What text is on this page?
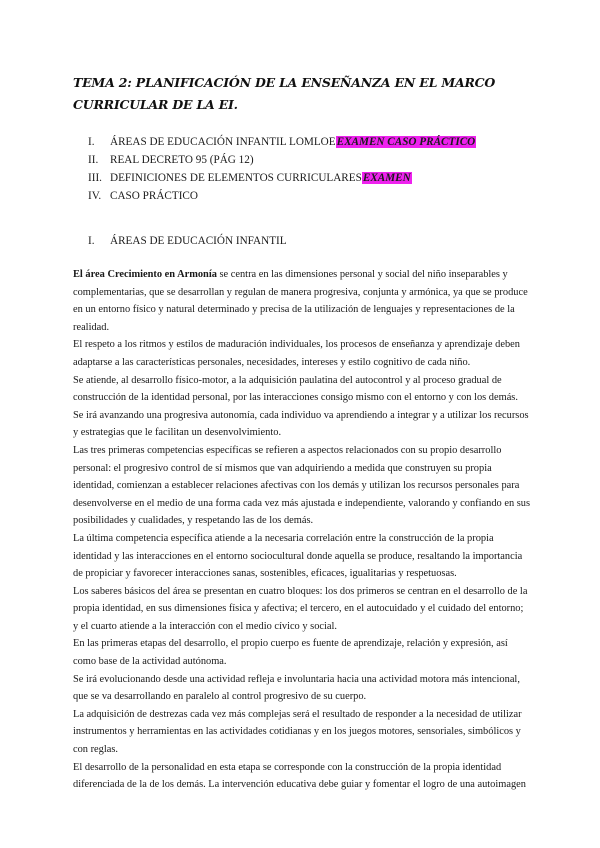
TEMA 2: PLANIFICACIÓN DE LA ENSEÑANZA EN EL MARCO CURRICULAR DE LA EI.
I.	ÁREAS DE EDUCACIÓN INFANTIL LOMLOEEXAMEN CASO PRÁCTICO
II.	REAL DECRETO 95 (PÁG 12)
III. DEFINICIONES DE ELEMENTOS CURRICULARESEXAMEN
IV. CASO PRÁCTICO
I.	ÁREAS DE EDUCACIÓN INFANTIL

El área Crecimiento en Armonía se centra en las dimensiones personal y social del niño inseparables y complementarias, que se desarrollan y regulan de manera progresiva, conjunta y armónica, ya que se produce en un entorno físico y natural determinado y precisa de la utilización de lenguajes y representaciones de la realidad.

El respeto a los ritmos y estilos de maduración individuales, los procesos de enseñanza y aprendizaje deben adaptarse a las características personales, necesidades, intereses y estilo cognitivo de cada niño.

Se atiende, al desarrollo físico-motor, a la adquisición paulatina del autocontrol y al proceso gradual de construcción de la identidad personal, por las interacciones consigo mismo con el entorno y con los demás.

Se irá avanzando una progresiva autonomía, cada individuo va aprendiendo a integrar y a utilizar los recursos y estrategias que le facilitan un desenvolvimiento.

Las tres primeras competencias específicas se refieren a aspectos relacionados con su propio desarrollo personal: el progresivo control de sí mismos que van adquiriendo a medida que construyen su propia identidad, comienzan a establecer relaciones afectivas con los demás y utilizan los recursos personales para desenvolverse en el medio de una forma cada vez más ajustada e independiente, valorando y confiando en sus posibilidades y cualidades, y respetando las de los demás.

La última competencia específica atiende a la necesaria correlación entre la construcción de la propia identidad y las interacciones en el entorno sociocultural donde aquella se produce, resaltando la importancia de propiciar y favorecer interacciones sanas, sostenibles, eficaces, igualitarias y respetuosas.

Los saberes básicos del área se presentan en cuatro bloques: los dos primeros se centran en el desarrollo de la propia identidad, en sus dimensiones física y afectiva; el tercero, en el autocuidado y el cuidado del entorno; y el cuarto atiende a la interacción con el medio cívico y social.

En las primeras etapas del desarrollo, el propio cuerpo es fuente de aprendizaje, relación y expresión, así como base de la actividad autónoma.

Se irá evolucionando desde una actividad refleja e involuntaria hacia una actividad motora más intencional, que se va desarrollando en paralelo al control progresivo de su cuerpo.

La adquisición de destrezas cada vez más complejas será el resultado de responder a la necesidad de utilizar instrumentos y herramientas en las actividades cotidianas y en los juegos motores, sensoriales, simbólicos y con reglas.

El desarrollo de la personalidad en esta etapa se corresponde con la construcción de la propia identidad diferenciada de la de los demás. La intervención educativa debe guiar y fomentar el logro de una autoimagen
